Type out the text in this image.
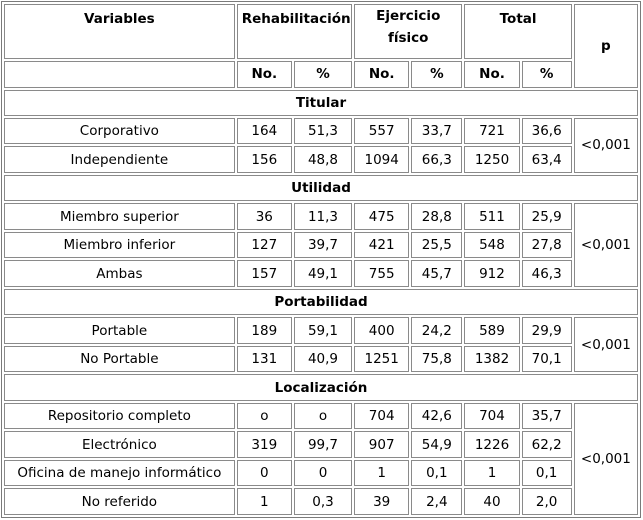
Variables	Rehabilitación		Ejercicio físico		Total		p
	No.	%	No.	%	No.	%	
Titular							
Corporativo	164	51,3	557	33,7	721	36,6	<0,001
Independiente	156	48,8	1094	66,3	1250	63,4	
Utilidad							
Miembro superior	36	11,3	475	28,8	511	25,9	<0,001
Miembro inferior	127	39,7	421	25,5	548	27,8	
Ambas	157	49,1	755	45,7	912	46,3	
Portabilidad							
Portable	189	59,1	400	24,2	589	29,9	<0,001
No Portable	131	40,9	1251	75,8	1382	70,1	
Localización							
Repositorio completo	o	o	704	42,6	704	35,7	<0,001
Electrónico	319	99,7	907	54,9	1226	62,2	
Oficina de manejo informático	0	0	1	0,1	1	0,1	
No referido	1	0,3	39	2,4	40	2,0	
